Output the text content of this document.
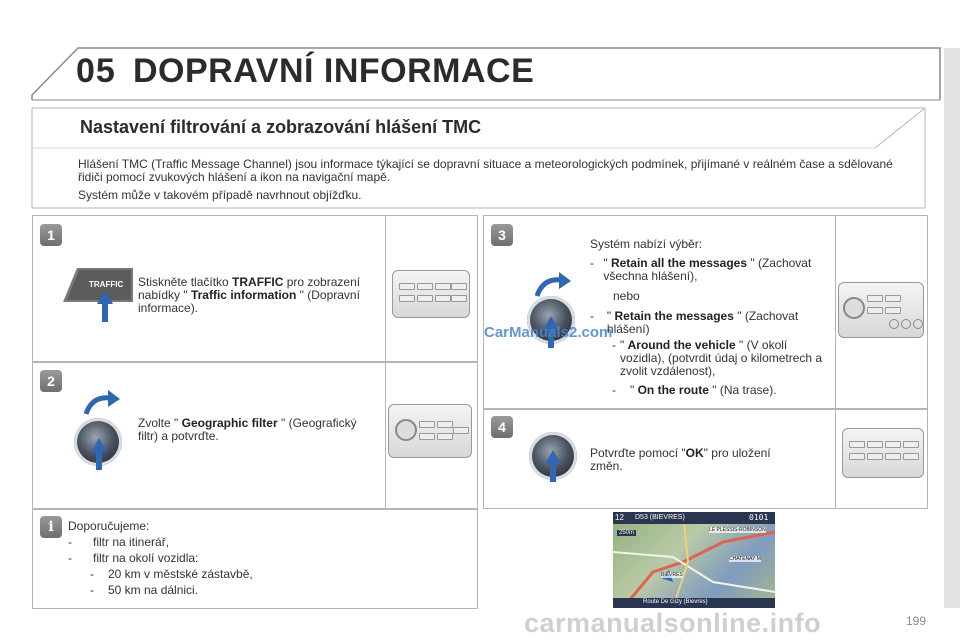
05 DOPRAVNÍ INFORMACE
Nastavení filtrování a zobrazování hlášení TMC

Hlášení TMC (Traffic Message Channel) jsou informace týkající se dopravní situace a meteorologických podmínek, přijímané v reálném čase a sdělované řidiči pomocí zvukových hlášení a ikon na navigační mapě.

Systém může v takovém případě navrhnout objížďku.

1
TRAFFIC Stiskněte tlačítko TRAFFIC pro zobrazení nabídky " Traffic information " (Dopravní informace).
2
Zvolte " Geographic filter " (Geografický filtr) a potvrďte.
3
CarManuals2.com
Systém nabízí výběr:
- " Retain all the messages " (Zachovat všechna hlášení),
nebo
-	" Retain the messages " (Zachovat hlášení)
- " Around the vehicle " (V okolí vozidla), (potvrdit údaj o kilometrech a zvolit vzdálenost),
-	" On the route " (Na trase).
4
Potvrďte pomocí "OK" pro uložení změn.
i	Doporučujeme:
-	filtr na itinerář,
-	filtr na okolí vozidla:
-	20 km v městské zástavbě,
-	50 km na dálnici.
12 D53 (BIEVRES)	0101
LE PLESSIS-ROBINSON
CHATENAY M
BIEVRES
250m
Route De Gizy (Bievres)
carmanualsonline.info	199
